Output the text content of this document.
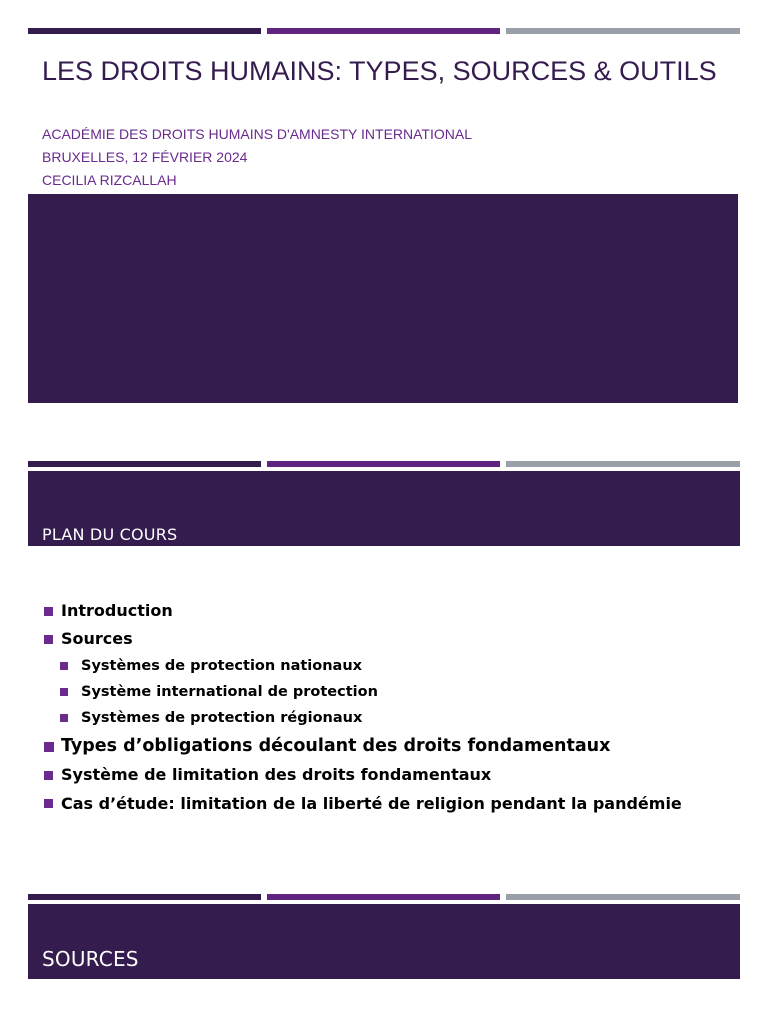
LES DROITS HUMAINS: TYPES, SOURCES & OUTILS
ACADÉMIE DES DROITS HUMAINS D'AMNESTY INTERNATIONAL
BRUXELLES, 12 FÉVRIER 2024
CECILIA RIZCALLAH
PLAN DU COURS
Introduction
Sources
Systèmes de protection nationaux
Système international de protection
Systèmes de protection régionaux
Types d’obligations découlant des droits fondamentaux
Système de limitation des droits fondamentaux
Cas d’étude: limitation de la liberté de religion pendant la pandémie
SOURCES
